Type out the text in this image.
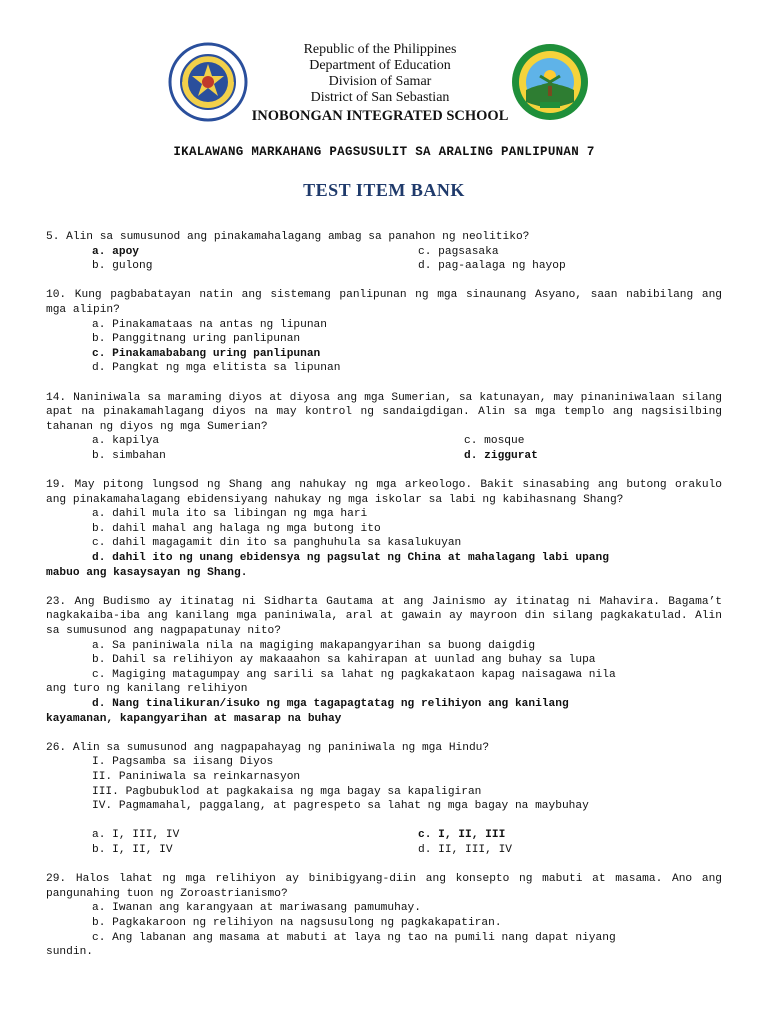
Republic of the Philippines
Department of Education
Division of Samar
District of San Sebastian
INOBONGAN INTEGRATED SCHOOL
IKALAWANG MARKAHANG PAGSUSULIT SA ARALING PANLIPUNAN 7
TEST ITEM BANK
5. Alin sa sumusunod ang pinakamahalagang ambag sa panahon ng neolitiko?
a. apoy	c. pagsasaka
b. gulong	d. pag-aalaga ng hayop
10. Kung pagbabatayan natin ang sistemang panlipunan ng mga sinaunang Asyano, saan nabibilang ang mga alipin?
a. Pinakamataas na antas ng lipunan
b. Panggitnang uring panlipunan
c. Pinakamababang uring panlipunan
d. Pangkat ng mga elitista sa lipunan
14. Naniniwala sa maraming diyos at diyosa ang mga Sumerian, sa katunayan, may pinaniniwalaan silang apat na pinakamahlagang diyos na may kontrol ng sandaigdigan. Alin sa mga templo ang nagsisilbing tahanan ng diyos ng mga Sumerian?
a. kapilya	c. mosque
b. simbahan	d. ziggurat
19. May pitong lungsod ng Shang ang nahukay ng mga arkeologo. Bakit sinasabing ang butong orakulo ang pinakamahalagang ebidensiyang nahukay ng mga iskolar sa labi ng kabihasnang Shang?
a. dahil mula ito sa libingan ng mga hari
b. dahil mahal ang halaga ng mga butong ito
c. dahil magagamit din ito sa panghuhula sa kasalukuyan
d. dahil ito ng unang ebidensya ng pagsulat ng China at mahalagang labi upang
mabuo ang kasaysayan ng Shang.
23. Ang Budismo ay itinatag ni Sidharta Gautama at ang Jainismo ay itinatag ni Mahavira. Bagama’t nagkakaiba-iba ang kanilang mga paniniwala, aral at gawain ay mayroon din silang pagkakatulad. Alin sa sumusunod ang nagpapatunay nito?
a. Sa paniniwala nila na magiging makapangyarihan sa buong daigdig
b. Dahil sa relihiyon ay makaaahon sa kahirapan at uunlad ang buhay sa lupa
c. Magiging matagumpay ang sarili sa lahat ng pagkakataon kapag naisagawa nila
ang turo ng kanilang relihiyon
d. Nang tinalikuran/isuko ng mga tagapagtatag ng relihiyon ang kanilang
kayamanan, kapangyarihan at masarap na buhay
26. Alin sa sumusunod ang nagpapahayag ng paniniwala ng mga Hindu?
I. Pagsamba sa iisang Diyos
II. Paniniwala sa reinkarnasyon
III. Pagbubuklod at pagkakaisa ng mga bagay sa kapaligiran
IV. Pagmamahal, paggalang, at pagrespeto sa lahat ng mga bagay na maybuhay
a. I, III, IV	c. I, II, III
b. I, II, IV	d. II, III, IV
29. Halos lahat ng mga relihiyon ay binibigyang-diin ang konsepto ng mabuti at masama. Ano ang pangunahing tuon ng Zoroastrianismo?
a. Iwanan ang karangyaan at mariwasang pamumuhay.
b. Pagkakaroon ng relihiyon na nagsusulong ng pagkakapatiran.
c. Ang labanan ang masama at mabuti at laya ng tao na pumili nang dapat niyang
sundin.
